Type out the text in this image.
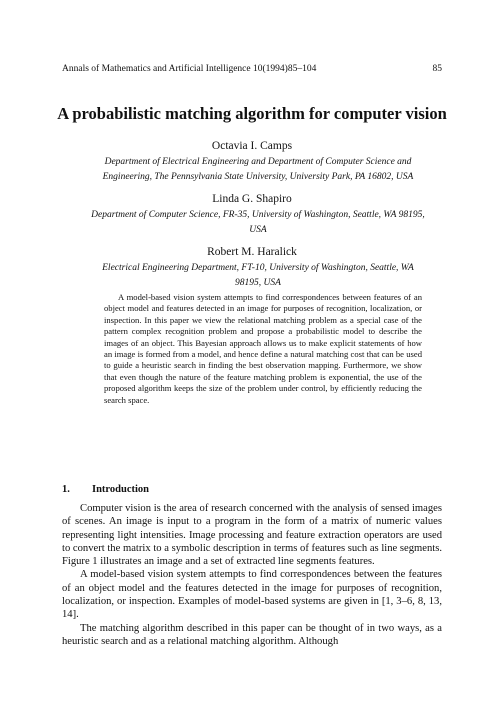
Annals of Mathematics and Artificial Intelligence 10(1994)85–104	85
A probabilistic matching algorithm for computer vision
Octavia I. Camps
Department of Electrical Engineering and Department of Computer Science and Engineering, The Pennsylvania State University, University Park, PA 16802, USA
Linda G. Shapiro
Department of Computer Science, FR-35, University of Washington, Seattle, WA 98195, USA
Robert M. Haralick
Electrical Engineering Department, FT-10, University of Washington, Seattle, WA 98195, USA

A model-based vision system attempts to find correspondences between features of an object model and features detected in an image for purposes of recognition, localization, or inspection. In this paper we view the relational matching problem as a special case of the pattern complex recognition problem and propose a probabilistic model to describe the images of an object. This Bayesian approach allows us to make explicit statements of how an image is formed from a model, and hence define a natural matching cost that can be used to guide a heuristic search in finding the best observation mapping. Furthermore, we show that even though the nature of the feature matching problem is exponential, the use of the proposed algorithm keeps the size of the problem under control, by efficiently reducing the search space.

1. Introduction

Computer vision is the area of research concerned with the analysis of sensed images of scenes. An image is input to a program in the form of a matrix of numeric values representing light intensities. Image processing and feature extraction operators are used to convert the matrix to a symbolic description in terms of features such as line segments. Figure 1 illustrates an image and a set of extracted line segments features.

A model-based vision system attempts to find correspondences between the features of an object model and the features detected in the image for purposes of recognition, localization, or inspection. Examples of model-based systems are given in [1, 3–6, 8, 13, 14].

The matching algorithm described in this paper can be thought of in two ways, as a heuristic search and as a relational matching algorithm. Although
